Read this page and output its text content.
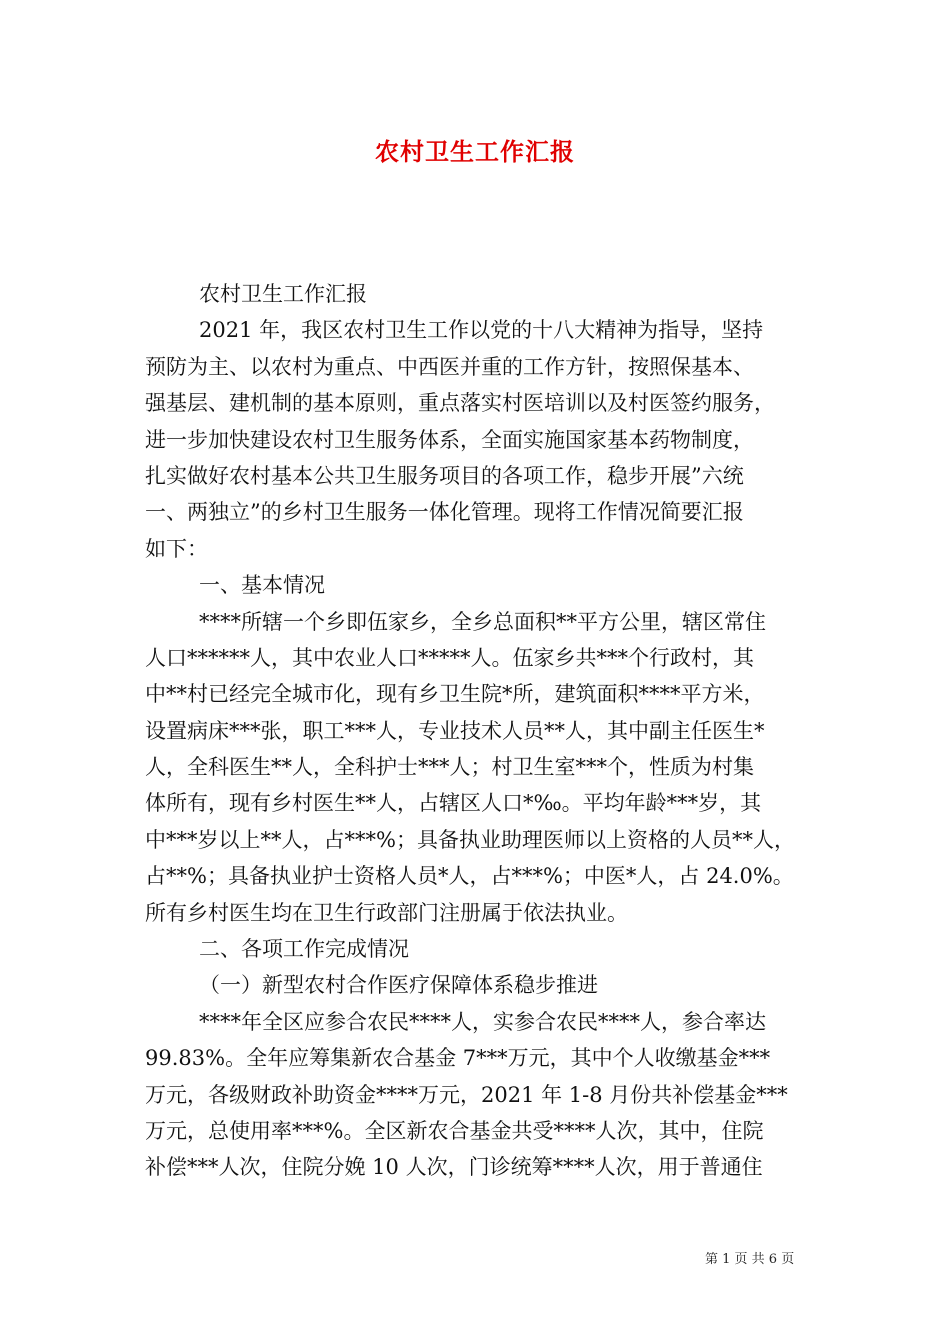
农村卫生工作汇报
农村卫生工作汇报
2021 年，我区农村卫生工作以党的十八大精神为指导，坚持
预防为主、以农村为重点、中西医并重的工作方针，按照保基本、
强基层、建机制的基本原则，重点落实村医培训以及村医签约服务，
进一步加快建设农村卫生服务体系，全面实施国家基本药物制度，
扎实做好农村基本公共卫生服务项目的各项工作，稳步开展”六统
一、两独立”的乡村卫生服务一体化管理。现将工作情况简要汇报
如下：
一、基本情况
****所辖一个乡即伍家乡，全乡总面积**平方公里，辖区常住
人口******人，其中农业人口*****人。伍家乡共***个行政村，其
中**村已经完全城市化，现有乡卫生院*所，建筑面积****平方米，
设置病床***张，职工***人，专业技术人员**人，其中副主任医生*
人，全科医生**人，全科护士***人；村卫生室***个，性质为村集
体所有，现有乡村医生**人，占辖区人口*‰。平均年龄***岁，其
中***岁以上**人，占***%；具备执业助理医师以上资格的人员**人，
占**%；具备执业护士资格人员*人，占***%；中医*人，占 24.0%。
所有乡村医生均在卫生行政部门注册属于依法执业。
二、各项工作完成情况
（一）新型农村合作医疗保障体系稳步推进
****年全区应参合农民****人，实参合农民****人，参合率达
99.83%。全年应筹集新农合基金 7***万元，其中个人收缴基金***
万元，各级财政补助资金****万元，2021 年 1-8 月份共补偿基金***
万元，总使用率***%。全区新农合基金共受****人次，其中，住院
补偿***人次，住院分娩 10 人次，门诊统筹****人次，用于普通住
第 1 页 共 6 页
